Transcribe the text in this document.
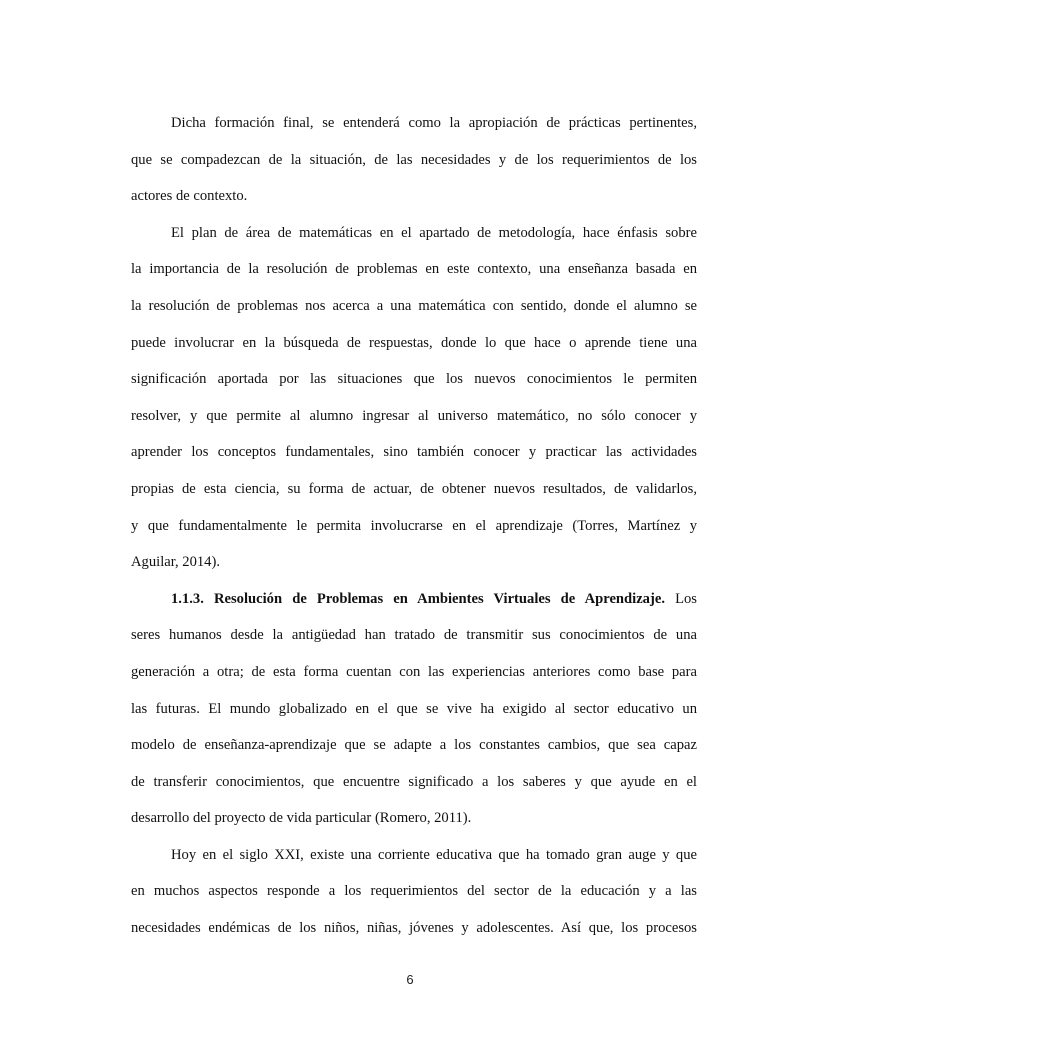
Dicha formación final, se entenderá como la apropiación de prácticas pertinentes,
que se compadezcan de la situación, de las necesidades y de los requerimientos de los
actores de contexto.
El plan de área de matemáticas en el apartado de metodología, hace énfasis sobre
la importancia de la resolución de problemas en este contexto, una enseñanza basada en
la resolución de problemas nos acerca a una matemática con sentido, donde el alumno se
puede involucrar en la búsqueda de respuestas, donde lo que hace o aprende tiene una
significación aportada por las situaciones que los nuevos conocimientos le permiten
resolver, y que permite al alumno ingresar al universo matemático, no sólo conocer y
aprender los conceptos fundamentales, sino también conocer y practicar las actividades
propias de esta ciencia, su forma de actuar, de obtener nuevos resultados, de validarlos,
y que fundamentalmente le permita involucrarse en el aprendizaje (Torres, Martínez y
Aguilar, 2014).
1.1.3. Resolución de Problemas en Ambientes Virtuales de Aprendizaje. Los
seres humanos desde la antigüedad han tratado de transmitir sus conocimientos de una
generación a otra; de esta forma cuentan con las experiencias anteriores como base para
las futuras. El mundo globalizado en el que se vive ha exigido al sector educativo un
modelo de enseñanza-aprendizaje que se adapte a los constantes cambios, que sea capaz
de transferir conocimientos, que encuentre significado a los saberes y que ayude en el
desarrollo del proyecto de vida particular (Romero, 2011).
Hoy en el siglo XXI, existe una corriente educativa que ha tomado gran auge y que
en muchos aspectos responde a los requerimientos del sector de la educación y a las
necesidades endémicas de los niños, niñas, jóvenes y adolescentes. Así que, los procesos
6
